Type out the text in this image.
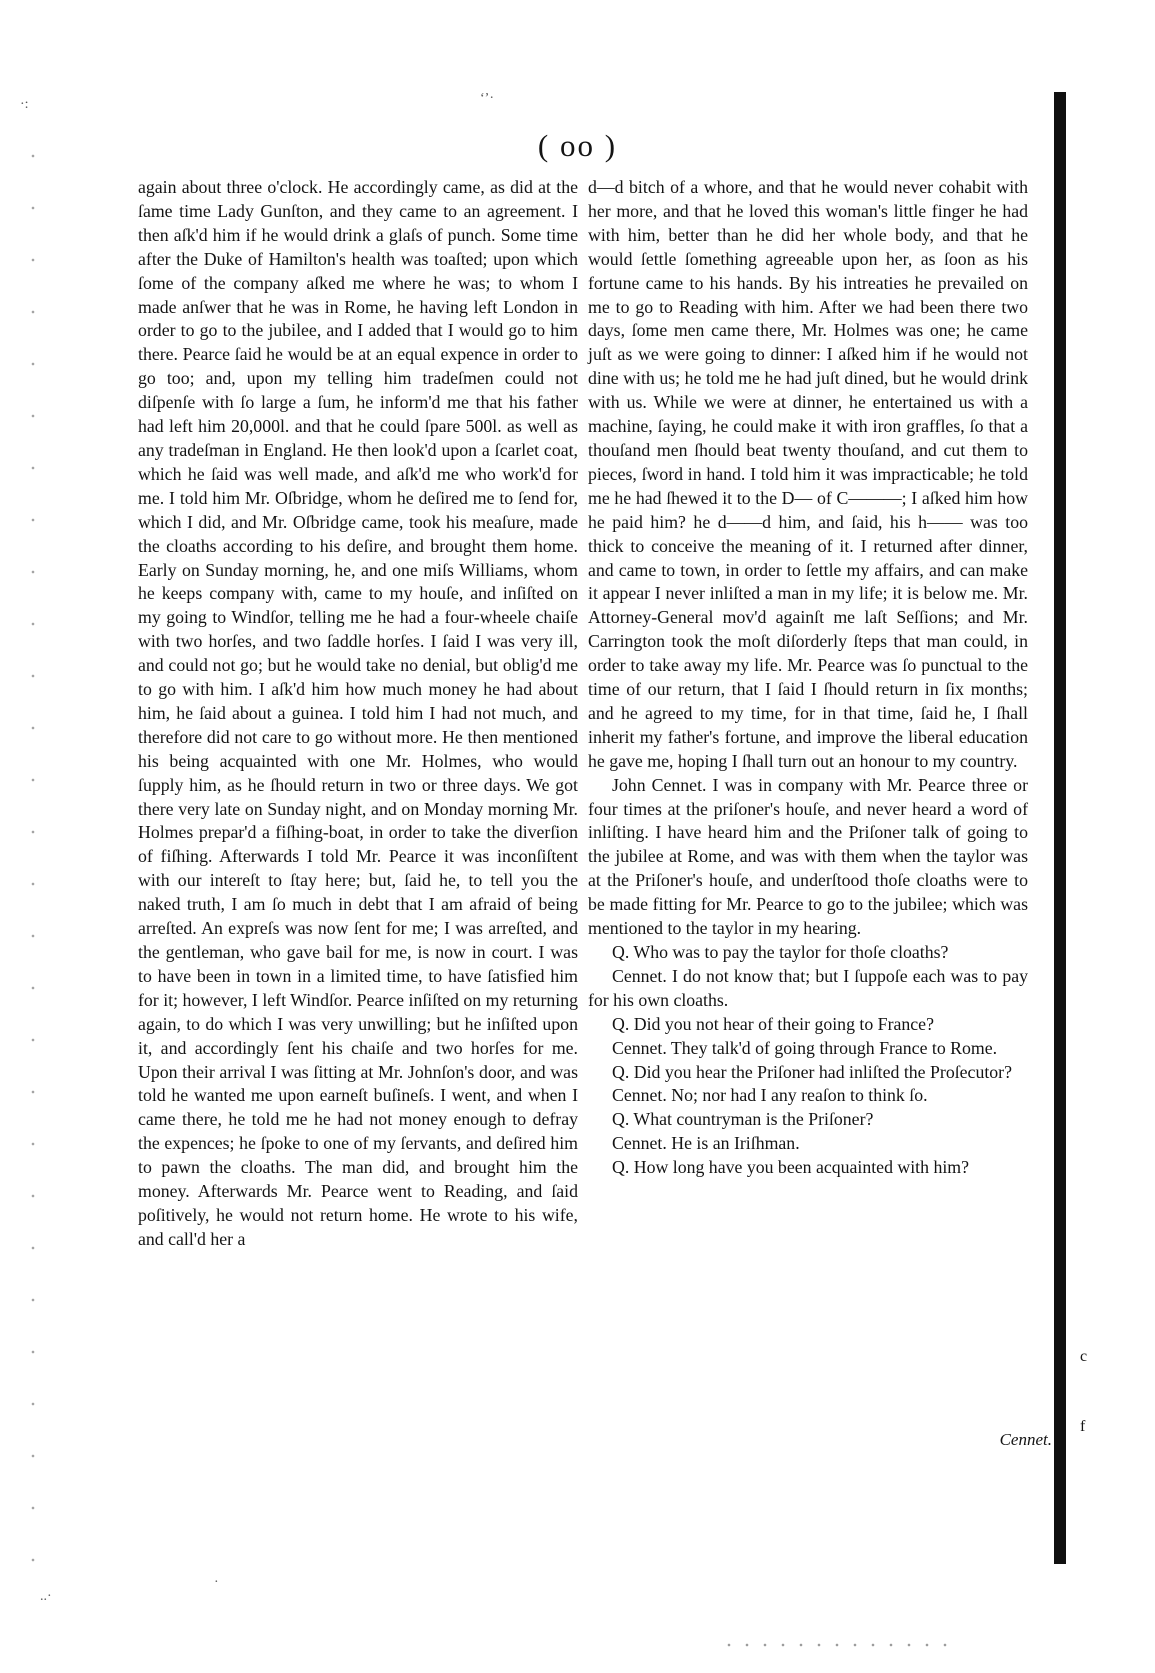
·:	‘’·
( oo )

again about three o'clock. He accordingly came, as did at the ſame time Lady Gunſton, and they came to an agreement. I then aſk'd him if he would drink a glaſs of punch. Some time after the Duke of Hamilton's health was toaſted; upon which ſome of the company aſked me where he was; to whom I made anſwer that he was in Rome, he having left London in order to go to the jubilee, and I added that I would go to him there. Pearce ſaid he would be at an equal expence in order to go too; and, upon my telling him tradeſmen could not diſpenſe with ſo large a ſum, he inform'd me that his father had left him 20,000l. and that he could ſpare 500l. as well as any tradeſman in England. He then look'd upon a ſcarlet coat, which he ſaid was well made, and aſk'd me who work'd for me. I told him Mr. Oſbridge, whom he deſired me to ſend for, which I did, and Mr. Oſbridge came, took his meaſure, made the cloaths according to his deſire, and brought them home. Early on Sunday morning, he, and one miſs Williams, whom he keeps company with, came to my houſe, and inſiſted on my going to Windſor, telling me he had a four-wheele chaiſe with two horſes, and two ſaddle horſes. I ſaid I was very ill, and could not go; but he would take no denial, but oblig'd me to go with him. I aſk'd him how much money he had about him, he ſaid about a guinea. I told him I had not much, and therefore did not care to go without more. He then mentioned his being acquainted with one Mr. Holmes, who would ſupply him, as he ſhould return in two or three days. We got there very late on Sunday night, and on Monday morning Mr. Holmes prepar'd a fiſhing-boat, in order to take the diverſion of fiſhing. Afterwards I told Mr. Pearce it was inconſiſtent with our intereſt to ſtay here; but, ſaid he, to tell you the naked truth, I am ſo much in debt that I am afraid of being arreſted. An expreſs was now ſent for me; I was arreſted, and the gentleman, who gave bail for me, is now in court. I was to have been in town in a limited time, to have ſatisfied him for it; however, I left Windſor. Pearce inſiſted on my returning again, to do which I was very unwilling; but he inſiſted upon it, and accordingly ſent his chaiſe and two horſes for me. Upon their arrival I was ſitting at Mr. Johnſon's door, and was told he wanted me upon earneſt buſineſs. I went, and when I came there, he told me he had not money enough to defray the expences; he ſpoke to one of my ſervants, and deſired him to pawn the cloaths. The man did, and brought him the money. Afterwards Mr. Pearce went to Reading, and ſaid poſitively, he would not return home. He wrote to his wife, and call'd her a

d—d bitch of a whore, and that he would never cohabit with her more, and that he loved this woman's little finger he had with him, better than he did her whole body, and that he would ſettle ſomething agreeable upon her, as ſoon as his fortune came to his hands. By his intreaties he prevailed on me to go to Reading with him. After we had been there two days, ſome men came there, Mr. Holmes was one; he came juſt as we were going to dinner: I aſked him if he would not dine with us; he told me he had juſt dined, but he would drink with us. While we were at dinner, he entertained us with a machine, ſaying, he could make it with iron graffles, ſo that a thouſand men ſhould beat twenty thouſand, and cut them to pieces, ſword in hand. I told him it was impracticable; he told me he had ſhewed it to the D— of C———; I aſked him how he paid him? he d——d him, and ſaid, his h—— was too thick to conceive the meaning of it. I returned after dinner, and came to town, in order to ſettle my affairs, and can make it appear I never inliſted a man in my life; it is below me. Mr. Attorney-General mov'd againſt me laſt Seſſions; and Mr. Carrington took the moſt diſorderly ſteps that man could, in order to take away my life. Mr. Pearce was ſo punctual to the time of our return, that I ſaid I ſhould return in ſix months; and he agreed to my time, for in that time, ſaid he, I ſhall inherit my father's fortune, and improve the liberal education he gave me, hoping I ſhall turn out an honour to my country.

John Cennet. I was in company with Mr. Pearce three or four times at the priſoner's houſe, and never heard a word of inliſting. I have heard him and the Priſoner talk of going to the jubilee at Rome, and was with them when the taylor was at the Priſoner's houſe, and underſtood thoſe cloaths were to be made fitting for Mr. Pearce to go to the jubilee; which was mentioned to the taylor in my hearing.

Q. Who was to pay the taylor for thoſe cloaths?

Cennet. I do not know that; but I ſuppoſe each was to pay for his own cloaths.

Q. Did you not hear of their going to France?

Cennet. They talk'd of going through France to Rome.

Q. Did you hear the Priſoner had inliſted the Proſecutor?

Cennet. No; nor had I any reaſon to think ſo.

Q. What countryman is the Priſoner?

Cennet. He is an Iriſhman.

Q. How long have you been acquainted with him?

Cennet.
c
f
..·
·
